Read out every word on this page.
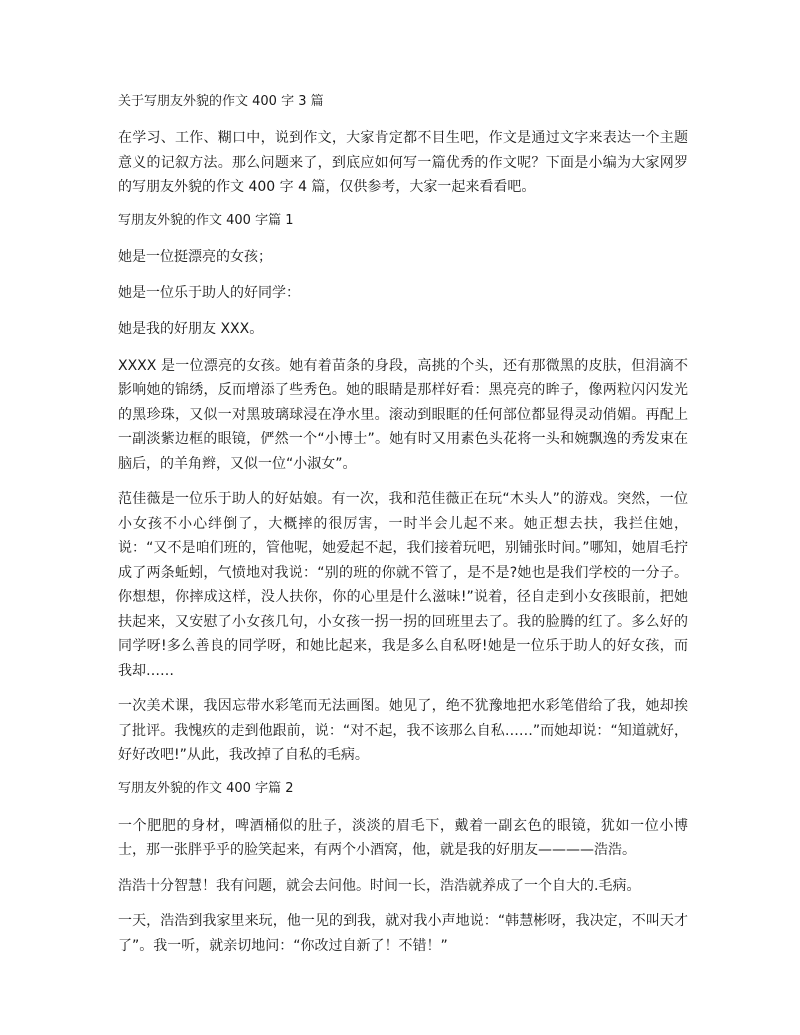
关于写朋友外貌的作文 400 字 3 篇

在学习、工作、糊口中，说到作文，大家肯定都不目生吧，作文是通过文字来表达一个主题意义的记叙方法。那么问题来了，到底应如何写一篇优秀的作文呢？下面是小编为大家网罗的写朋友外貌的作文 400 字 4 篇，仅供参考，大家一起来看看吧。

写朋友外貌的作文 400 字篇 1

她是一位挺漂亮的女孩；

她是一位乐于助人的好同学：

她是我的好朋友 XXX。

XXXX 是一位漂亮的女孩。她有着苗条的身段，高挑的个头，还有那微黑的皮肤，但涓滴不影响她的锦绣，反而增添了些秀色。她的眼睛是那样好看：黑亮亮的眸子，像两粒闪闪发光的黑珍珠，又似一对黑玻璃球浸在净水里。滚动到眼眶的任何部位都显得灵动俏媚。再配上一副淡紫边框的眼镜，俨然一个“小博士”。她有时又用素色头花将一头和婉飘逸的秀发束在脑后，的羊角辫，又似一位“小淑女”。

范佳薇是一位乐于助人的好姑娘。有一次，我和范佳薇正在玩“木头人”的游戏。突然，一位小女孩不小心绊倒了，大概摔的很厉害，一时半会儿起不来。她正想去扶，我拦住她，说：“又不是咱们班的，管他呢，她爱起不起，我们接着玩吧，别铺张时间。”哪知，她眉毛拧成了两条蚯蚓，气愤地对我说：“别的班的你就不管了，是不是?她也是我们学校的一分子。你想想，你摔成这样，没人扶你，你的心里是什么滋味!”说着，径自走到小女孩眼前，把她扶起来，又安慰了小女孩几句，小女孩一拐一拐的回班里去了。我的脸腾的红了。多么好的同学呀!多么善良的同学呀，和她比起来，我是多么自私呀!她是一位乐于助人的好女孩，而我却……

一次美术课，我因忘带水彩笔而无法画图。她见了，绝不犹豫地把水彩笔借给了我，她却挨了批评。我愧疚的走到他跟前，说：“对不起，我不该那么自私……”而她却说：“知道就好，好好改吧!”从此，我改掉了自私的毛病。

写朋友外貌的作文 400 字篇 2

一个肥肥的身材，啤酒桶似的肚子，淡淡的眉毛下，戴着一副玄色的眼镜，犹如一位小博士，那一张胖乎乎的脸笑起来，有两个小酒窝，他，就是我的好朋友————浩浩。

浩浩十分智慧！我有问题，就会去问他。时间一长，浩浩就养成了一个自大的.毛病。

一天，浩浩到我家里来玩，他一见的到我，就对我小声地说：“韩慧彬呀，我决定，不叫天才了”。我一听，就亲切地问：“你改过自新了！不错！”
